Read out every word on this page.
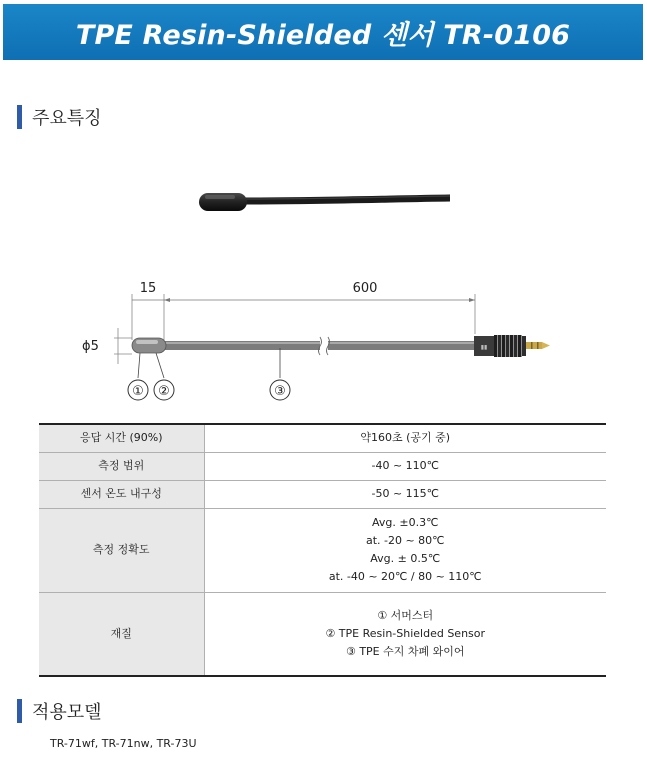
TPE Resin-Shielded 센서 TR-0106
주요특징
15	600
ϕ5	▮▮
① ②	③
응답 시간 (90%)	약160초 (공기 중)

측정 범위	-40 ~ 110℃

센서 온도 내구성	-50 ~ 115℃

측정 정확도	Avg. ±0.3℃
at. -20 ~ 80℃
Avg. ± 0.5℃
at. -40 ~ 20℃ / 80 ~ 110℃

재질	① 서머스터
② TPE Resin-Shielded Sensor
③ TPE 수지 차폐 와이어
적용모델
TR-71wf, TR-71nw, TR-73U
